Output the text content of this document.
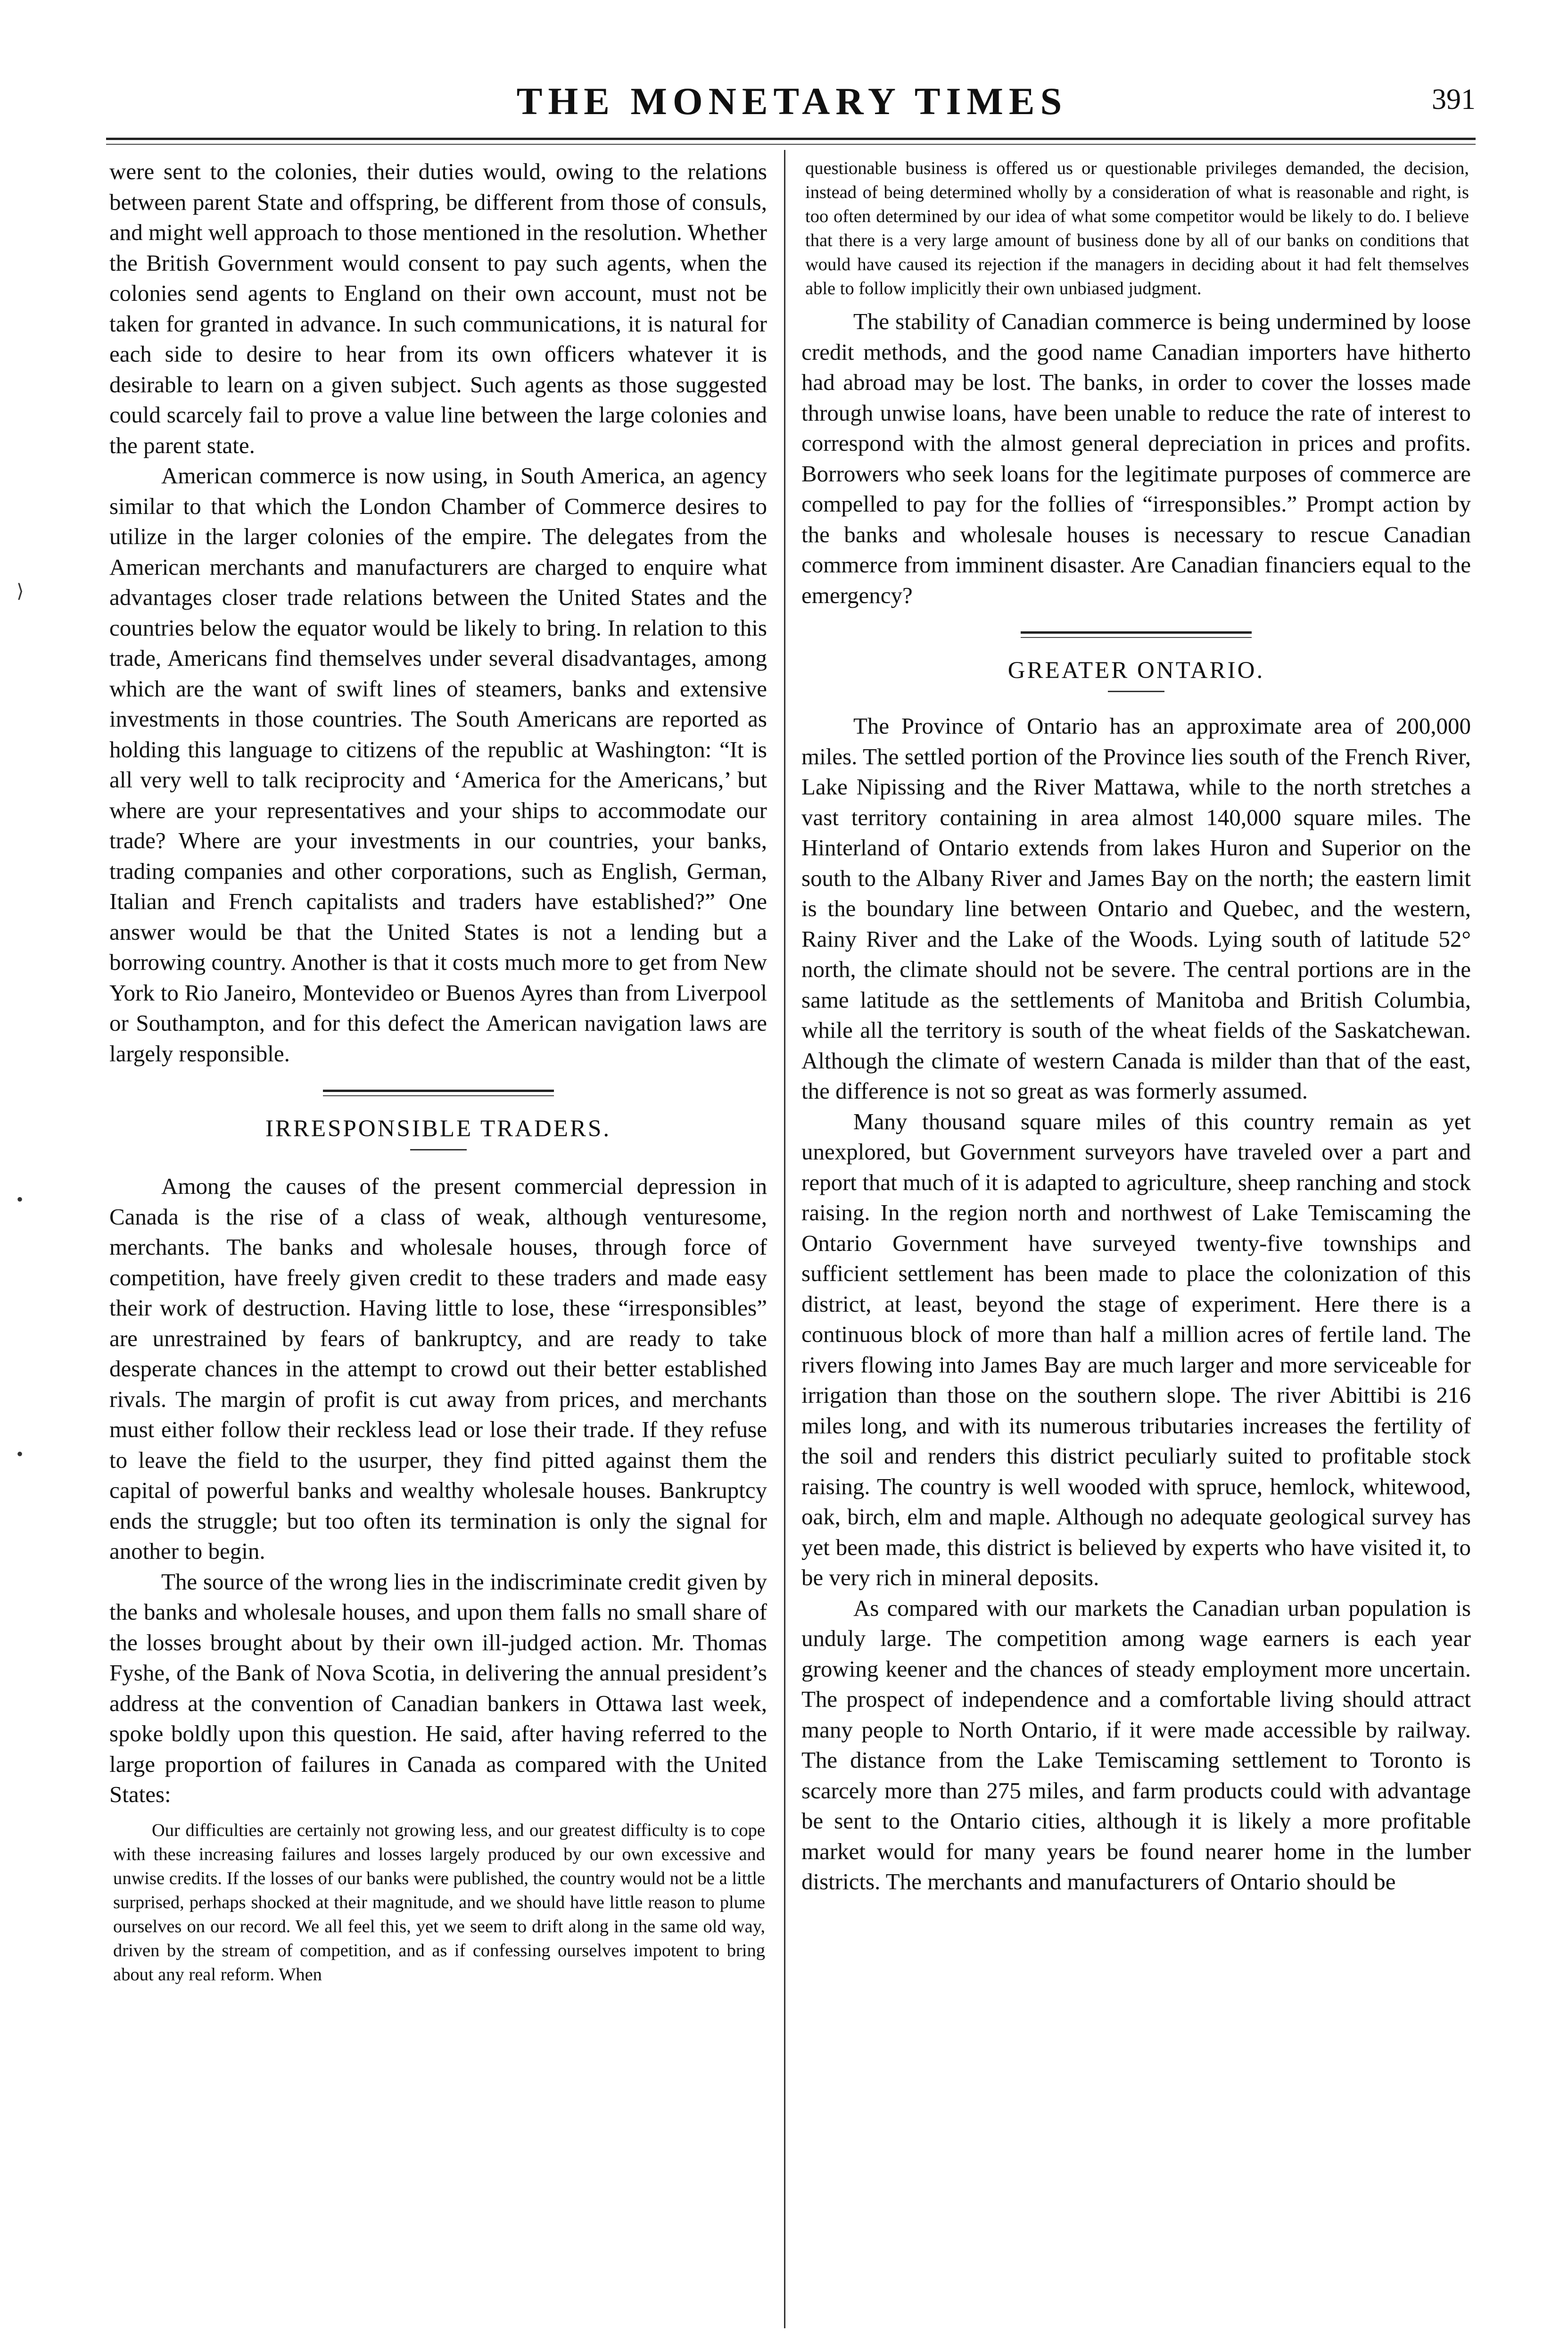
THE MONETARY TIMES	391

were sent to the colonies, their duties would, owing to the relations between parent State and offspring, be different from those of consuls, and might well approach to those mentioned in the resolution. Whether the British Government would consent to pay such agents, when the colonies send agents to England on their own account, must not be taken for granted in advance. In such communications, it is natural for each side to desire to hear from its own officers whatever it is desirable to learn on a given subject. Such agents as those suggested could scarcely fail to prove a value line between the large colonies and the parent state.

American commerce is now using, in South America, an agency similar to that which the London Chamber of Commerce desires to utilize in the larger colonies of the empire. The delegates from the American merchants and manufacturers are charged to enquire what advantages closer trade relations between the United States and the countries below the equator would be likely to bring. In relation to this trade, Americans find themselves under several disadvantages, among which are the want of swift lines of steamers, banks and extensive investments in those countries. The South Americans are reported as holding this language to citizens of the republic at Washington: “It is all very well to talk reciprocity and ‘America for the Americans,’ but where are your representatives and your ships to accommodate our trade? Where are your investments in our countries, your banks, trading companies and other corporations, such as English, German, Italian and French capitalists and traders have established?” One answer would be that the United States is not a lending but a borrowing country. Another is that it costs much more to get from New York to Rio Janeiro, Montevideo or Buenos Ayres than from Liverpool or Southampton, and for this defect the American navigation laws are largely responsible.

IRRESPONSIBLE TRADERS.

Among the causes of the present commercial depression in Canada is the rise of a class of weak, although venturesome, merchants. The banks and wholesale houses, through force of competition, have freely given credit to these traders and made easy their work of destruction. Having little to lose, these “irresponsibles” are unrestrained by fears of bankruptcy, and are ready to take desperate chances in the attempt to crowd out their better established rivals. The margin of profit is cut away from prices, and merchants must either follow their reckless lead or lose their trade. If they refuse to leave the field to the usurper, they find pitted against them the capital of powerful banks and wealthy wholesale houses. Bankruptcy ends the struggle; but too often its termination is only the signal for another to begin.

The source of the wrong lies in the indiscriminate credit given by the banks and wholesale houses, and upon them falls no small share of the losses brought about by their own ill-judged action. Mr. Thomas Fyshe, of the Bank of Nova Scotia, in delivering the annual president’s address at the convention of Canadian bankers in Ottawa last week, spoke boldly upon this question. He said, after having referred to the large proportion of failures in Canada as compared with the United States:

Our difficulties are certainly not growing less, and our greatest difficulty is to cope with these increasing failures and losses largely produced by our own excessive and unwise credits. If the losses of our banks were published, the country would not be a little surprised, perhaps shocked at their magnitude, and we should have little reason to plume ourselves on our record. We all feel this, yet we seem to drift along in the same old way, driven by the stream of competition, and as if confessing ourselves impotent to bring about any real reform. When

questionable business is offered us or questionable privileges demanded, the decision, instead of being determined wholly by a consideration of what is reasonable and right, is too often determined by our idea of what some competitor would be likely to do. I believe that there is a very large amount of business done by all of our banks on conditions that would have caused its rejection if the managers in deciding about it had felt themselves able to follow implicitly their own unbiased judgment.

The stability of Canadian commerce is being undermined by loose credit methods, and the good name Canadian importers have hitherto had abroad may be lost. The banks, in order to cover the losses made through unwise loans, have been unable to reduce the rate of interest to correspond with the almost general depreciation in prices and profits. Borrowers who seek loans for the legitimate purposes of commerce are compelled to pay for the follies of “irresponsibles.” Prompt action by the banks and wholesale houses is necessary to rescue Canadian commerce from imminent disaster. Are Canadian financiers equal to the emergency?

GREATER ONTARIO.

The Province of Ontario has an approximate area of 200,000 miles. The settled portion of the Province lies south of the French River, Lake Nipissing and the River Mattawa, while to the north stretches a vast territory containing in area almost 140,000 square miles. The Hinterland of Ontario extends from lakes Huron and Superior on the south to the Albany River and James Bay on the north; the eastern limit is the boundary line between Ontario and Quebec, and the western, Rainy River and the Lake of the Woods. Lying south of latitude 52° north, the climate should not be severe. The central portions are in the same latitude as the settlements of Manitoba and British Columbia, while all the territory is south of the wheat fields of the Saskatchewan. Although the climate of western Canada is milder than that of the east, the difference is not so great as was formerly assumed.

Many thousand square miles of this country remain as yet unexplored, but Government surveyors have traveled over a part and report that much of it is adapted to agriculture, sheep ranching and stock raising. In the region north and northwest of Lake Temiscaming the Ontario Government have surveyed twenty-five townships and sufficient settlement has been made to place the colonization of this district, at least, beyond the stage of experiment. Here there is a continuous block of more than half a million acres of fertile land. The rivers flowing into James Bay are much larger and more serviceable for irrigation than those on the southern slope. The river Abittibi is 216 miles long, and with its numerous tributaries increases the fertility of the soil and renders this district peculiarly suited to profitable stock raising. The country is well wooded with spruce, hemlock, whitewood, oak, birch, elm and maple. Although no adequate geological survey has yet been made, this district is believed by experts who have visited it, to be very rich in mineral deposits.

As compared with our markets the Canadian urban population is unduly large. The competition among wage earners is each year growing keener and the chances of steady employment more uncertain. The prospect of independence and a comfortable living should attract many people to North Ontario, if it were made accessible by railway. The distance from the Lake Temiscaming settlement to Toronto is scarcely more than 275 miles, and farm products could with advantage be sent to the Ontario cities, although it is likely a more profitable market would for many years be found nearer home in the lumber districts. The merchants and manufacturers of Ontario should be

⟩
•
•
